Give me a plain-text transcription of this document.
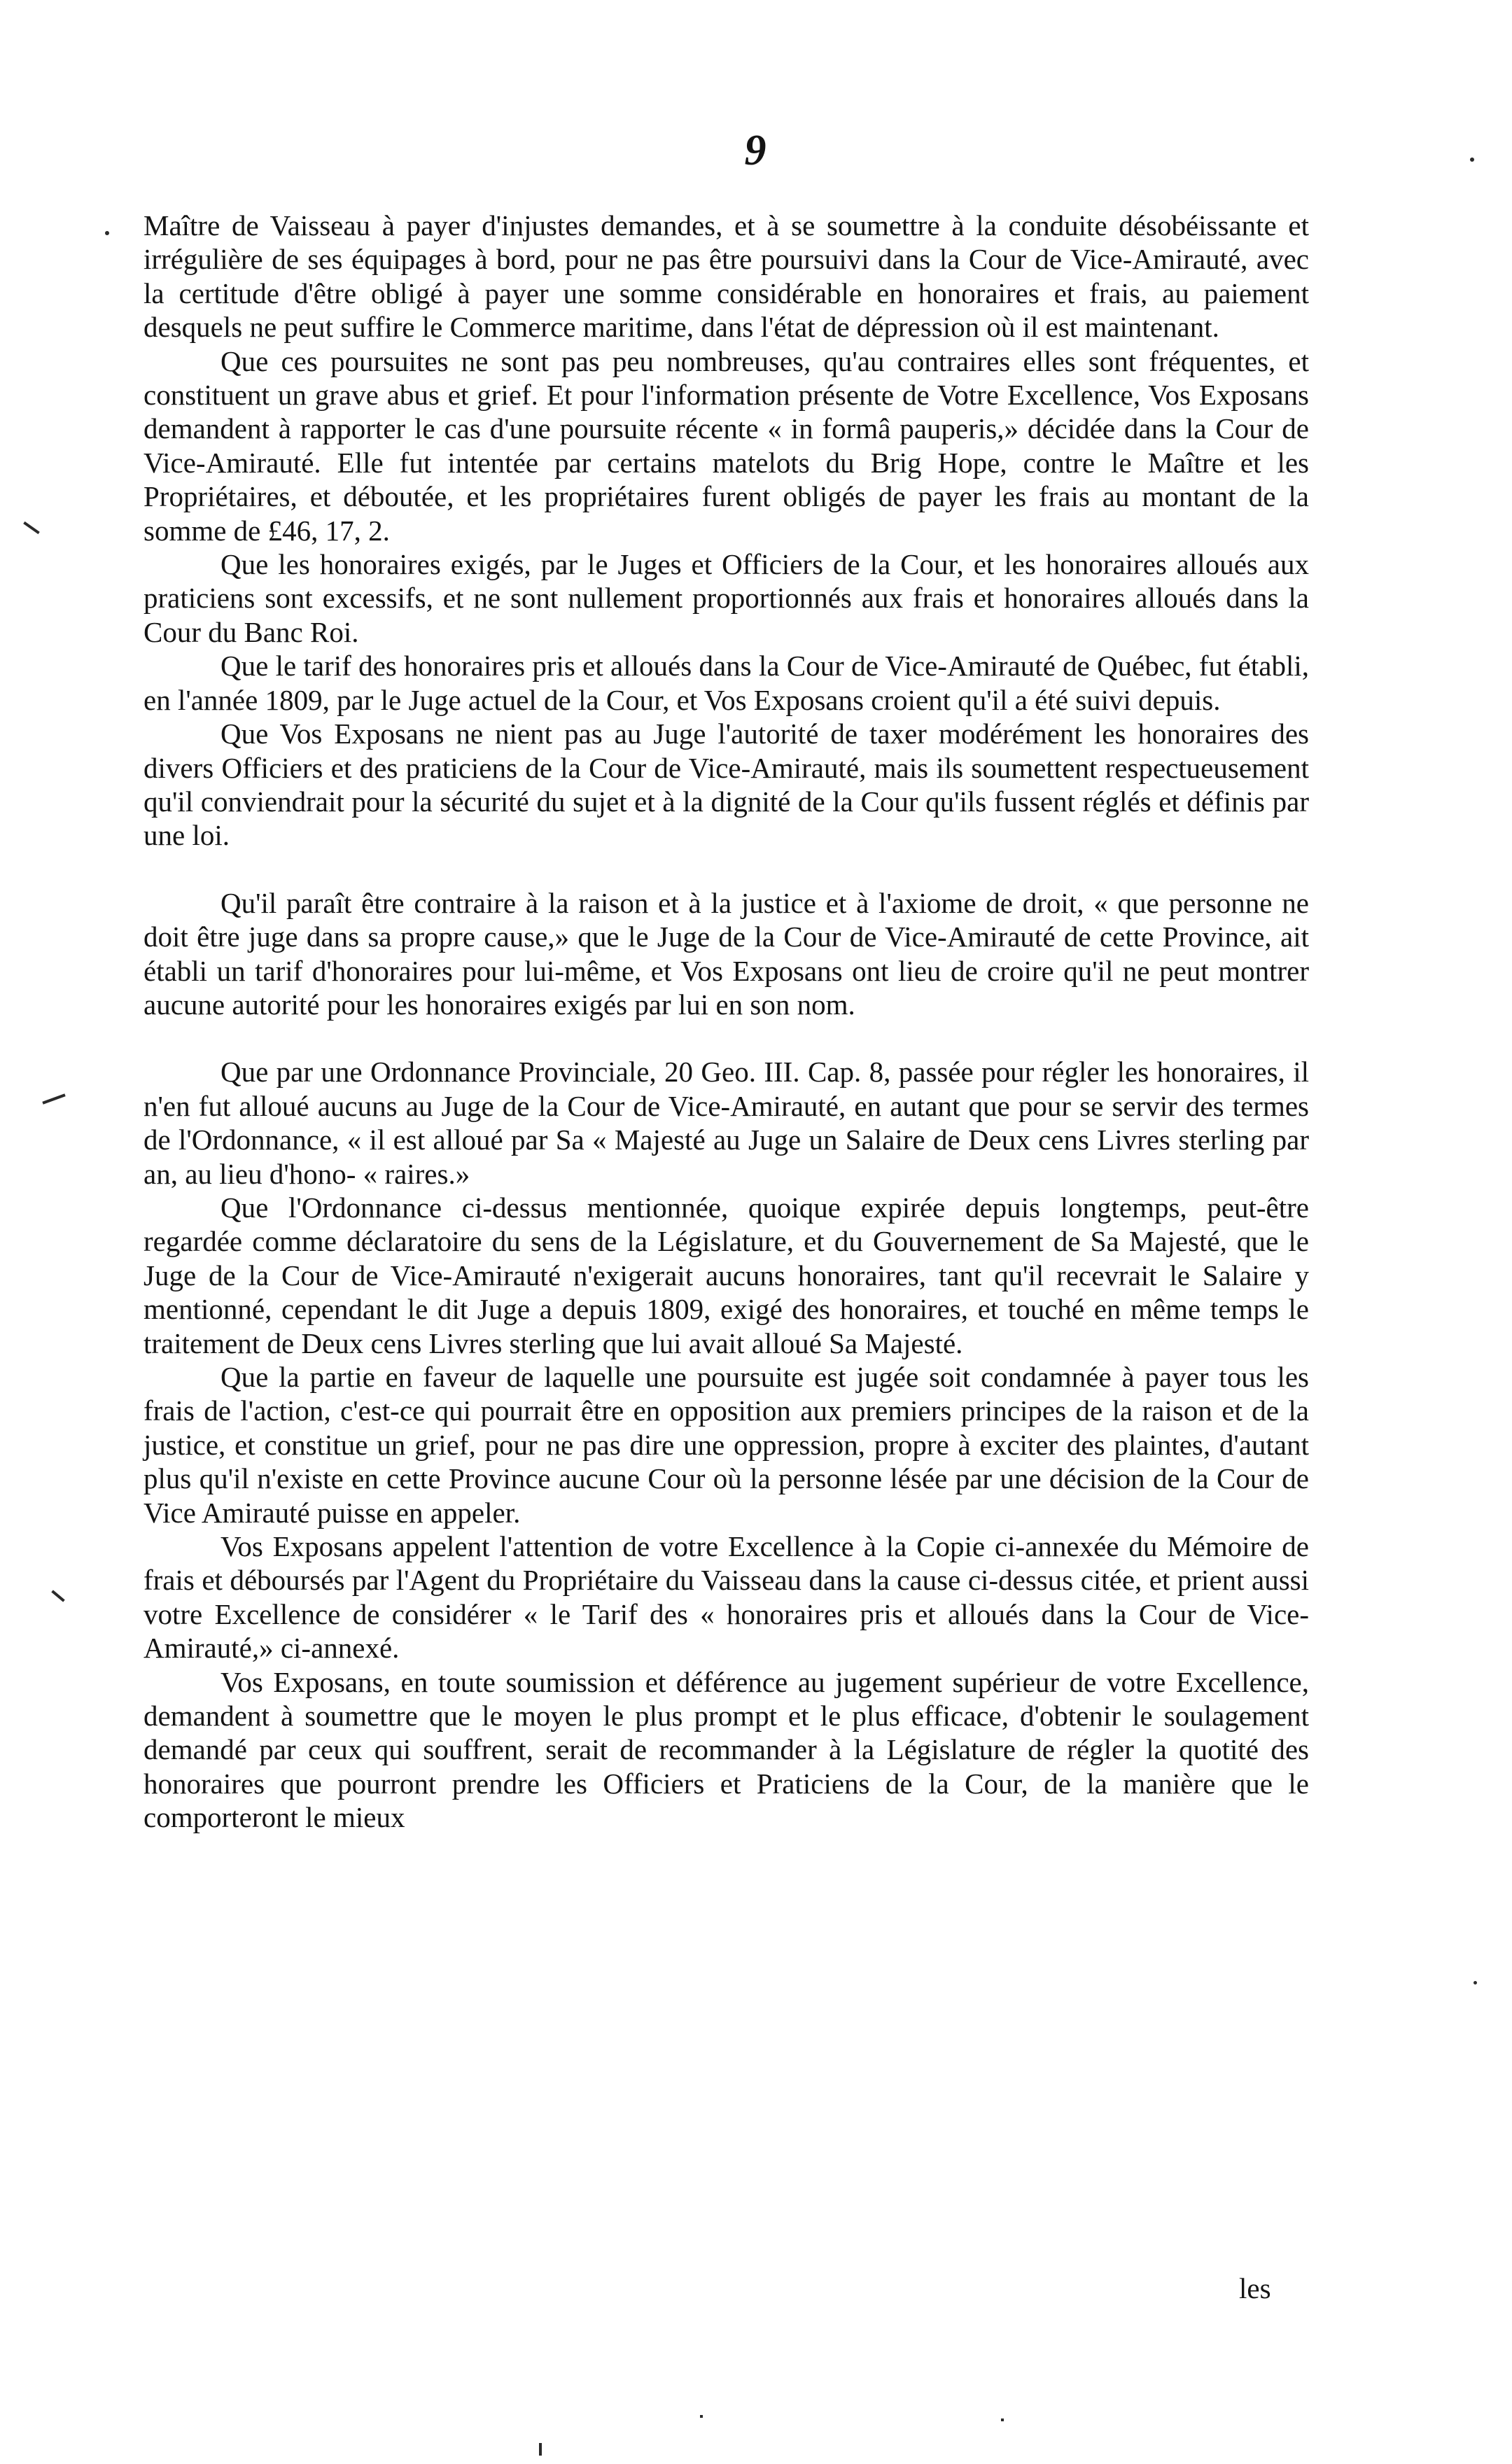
9

Maître de Vaisseau à payer d'injustes demandes, et à se soumettre à la conduite désobéissante et irrégulière de ses équipages à bord, pour ne pas être poursuivi dans la Cour de Vice-Amirauté, avec la certitude d'être obligé à payer une somme considérable en honoraires et frais, au paiement desquels ne peut suffire le Commerce maritime, dans l'état de dépression où il est maintenant.

Que ces poursuites ne sont pas peu nombreuses, qu'au contraires elles sont fréquentes, et constituent un grave abus et grief. Et pour l'information présente de Votre Excellence, Vos Exposans demandent à rapporter le cas d'une poursuite récente « in formâ pauperis,» décidée dans la Cour de Vice-Amirauté. Elle fut intentée par certains matelots du Brig Hope, contre le Maître et les Propriétaires, et déboutée, et les propriétaires furent obligés de payer les frais au montant de la somme de £46, 17, 2.

Que les honoraires exigés, par le Juges et Officiers de la Cour, et les honoraires alloués aux praticiens sont excessifs, et ne sont nullement proportionnés aux frais et honoraires alloués dans la Cour du Banc Roi.

Que le tarif des honoraires pris et alloués dans la Cour de Vice-Amirauté de Québec, fut établi, en l'année 1809, par le Juge actuel de la Cour, et Vos Exposans croient qu'il a été suivi depuis.

Que Vos Exposans ne nient pas au Juge l'autorité de taxer modérément les honoraires des divers Officiers et des praticiens de la Cour de Vice-Amirauté, mais ils soumettent respectueusement qu'il conviendrait pour la sécurité du sujet et à la dignité de la Cour qu'ils fussent réglés et définis par une loi.

Qu'il paraît être contraire à la raison et à la justice et à l'axiome de droit, « que personne ne doit être juge dans sa propre cause,» que le Juge de la Cour de Vice-Amirauté de cette Province, ait établi un tarif d'honoraires pour lui-même, et Vos Exposans ont lieu de croire qu'il ne peut montrer aucune autorité pour les honoraires exigés par lui en son nom.

Que par une Ordonnance Provinciale, 20 Geo. III. Cap. 8, passée pour régler les honoraires, il n'en fut alloué aucuns au Juge de la Cour de Vice-Amirauté, en autant que pour se servir des termes de l'Ordonnance, « il est alloué par Sa « Majesté au Juge un Salaire de Deux cens Livres sterling par an, au lieu d'hono- « raires.»

Que l'Ordonnance ci-dessus mentionnée, quoique expirée depuis longtemps, peut-être regardée comme déclaratoire du sens de la Législature, et du Gouvernement de Sa Majesté, que le Juge de la Cour de Vice-Amirauté n'exigerait aucuns honoraires, tant qu'il recevrait le Salaire y mentionné, cependant le dit Juge a depuis 1809, exigé des honoraires, et touché en même temps le traitement de Deux cens Livres sterling que lui avait alloué Sa Majesté.

Que la partie en faveur de laquelle une poursuite est jugée soit condamnée à payer tous les frais de l'action, c'est-ce qui pourrait être en opposition aux premiers principes de la raison et de la justice, et constitue un grief, pour ne pas dire une oppression, propre à exciter des plaintes, d'autant plus qu'il n'existe en cette Province aucune Cour où la personne lésée par une décision de la Cour de Vice Amirauté puisse en appeler.

Vos Exposans appelent l'attention de votre Excellence à la Copie ci-annexée du Mémoire de frais et déboursés par l'Agent du Propriétaire du Vaisseau dans la cause ci-dessus citée, et prient aussi votre Excellence de considérer « le Tarif des « honoraires pris et alloués dans la Cour de Vice-Amirauté,» ci-annexé.

Vos Exposans, en toute soumission et déférence au jugement supérieur de votre Excellence, demandent à soumettre que le moyen le plus prompt et le plus efficace, d'obtenir le soulagement demandé par ceux qui souffrent, serait de recommander à la Législature de régler la quotité des honoraires que pourront prendre les Officiers et Praticiens de la Cour, de la manière que le comporteront le mieux

les
